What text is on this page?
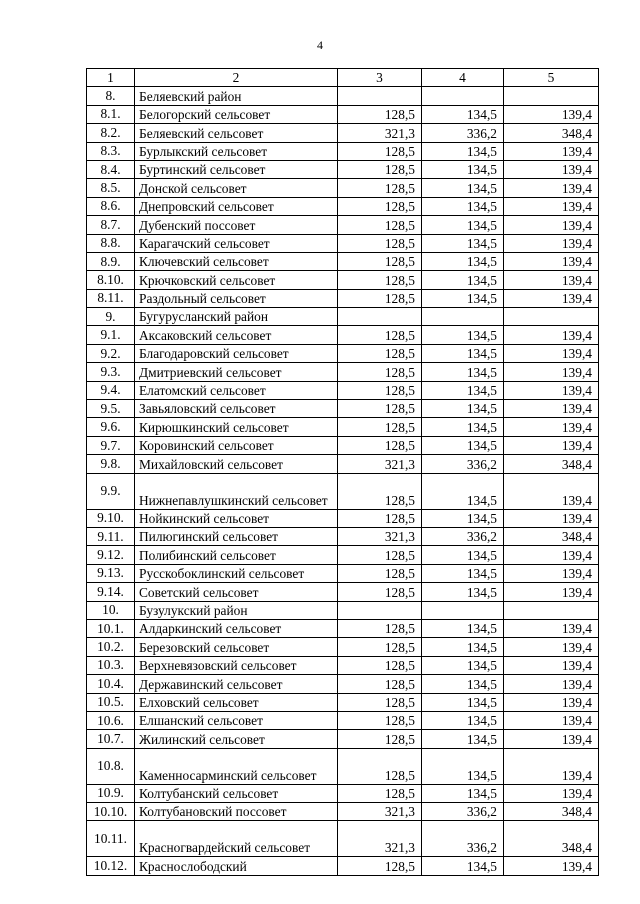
4
1	2	3	4	5
8.	Беляевский район			
8.1.	Белогорский сельсовет	128,5	134,5	139,4
8.2.	Беляевский сельсовет	321,3	336,2	348,4
8.3.	Бурлыкский сельсовет	128,5	134,5	139,4
8.4.	Буртинский сельсовет	128,5	134,5	139,4
8.5.	Донской сельсовет	128,5	134,5	139,4
8.6.	Днепровский сельсовет	128,5	134,5	139,4
8.7.	Дубенский поссовет	128,5	134,5	139,4
8.8.	Карагачский сельсовет	128,5	134,5	139,4
8.9.	Ключевский сельсовет	128,5	134,5	139,4
8.10.	Крючковский сельсовет	128,5	134,5	139,4
8.11.	Раздольный сельсовет	128,5	134,5	139,4
9.	Бугурусланский район			
9.1.	Аксаковский сельсовет	128,5	134,5	139,4
9.2.	Благодаровский сельсовет	128,5	134,5	139,4
9.3.	Дмитриевский сельсовет	128,5	134,5	139,4
9.4.	Елатомский сельсовет	128,5	134,5	139,4
9.5.	Завьяловский сельсовет	128,5	134,5	139,4
9.6.	Кирюшкинский сельсовет	128,5	134,5	139,4
9.7.	Коровинский сельсовет	128,5	134,5	139,4
9.8.	Михайловский сельсовет	321,3	336,2	348,4
9.9.	Нижнепавлушкинский сельсовет	128,5	134,5	139,4
9.10.	Нойкинский сельсовет	128,5	134,5	139,4
9.11.	Пилюгинский сельсовет	321,3	336,2	348,4
9.12.	Полибинский сельсовет	128,5	134,5	139,4
9.13.	Русскобоклинский сельсовет	128,5	134,5	139,4
9.14.	Советский сельсовет	128,5	134,5	139,4
10.	Бузулукский район			
10.1.	Алдаркинский сельсовет	128,5	134,5	139,4
10.2.	Березовский сельсовет	128,5	134,5	139,4
10.3.	Верхневязовский сельсовет	128,5	134,5	139,4
10.4.	Державинский сельсовет	128,5	134,5	139,4
10.5.	Елховский сельсовет	128,5	134,5	139,4
10.6.	Елшанский сельсовет	128,5	134,5	139,4
10.7.	Жилинский сельсовет	128,5	134,5	139,4
10.8.	Каменносарминский сельсовет	128,5	134,5	139,4
10.9.	Колтубанский сельсовет	128,5	134,5	139,4
10.10.	Колтубановский поссовет	321,3	336,2	348,4
10.11.	Красногвардейский сельсовет	321,3	336,2	348,4
10.12.	Краснослободский	128,5	134,5	139,4
